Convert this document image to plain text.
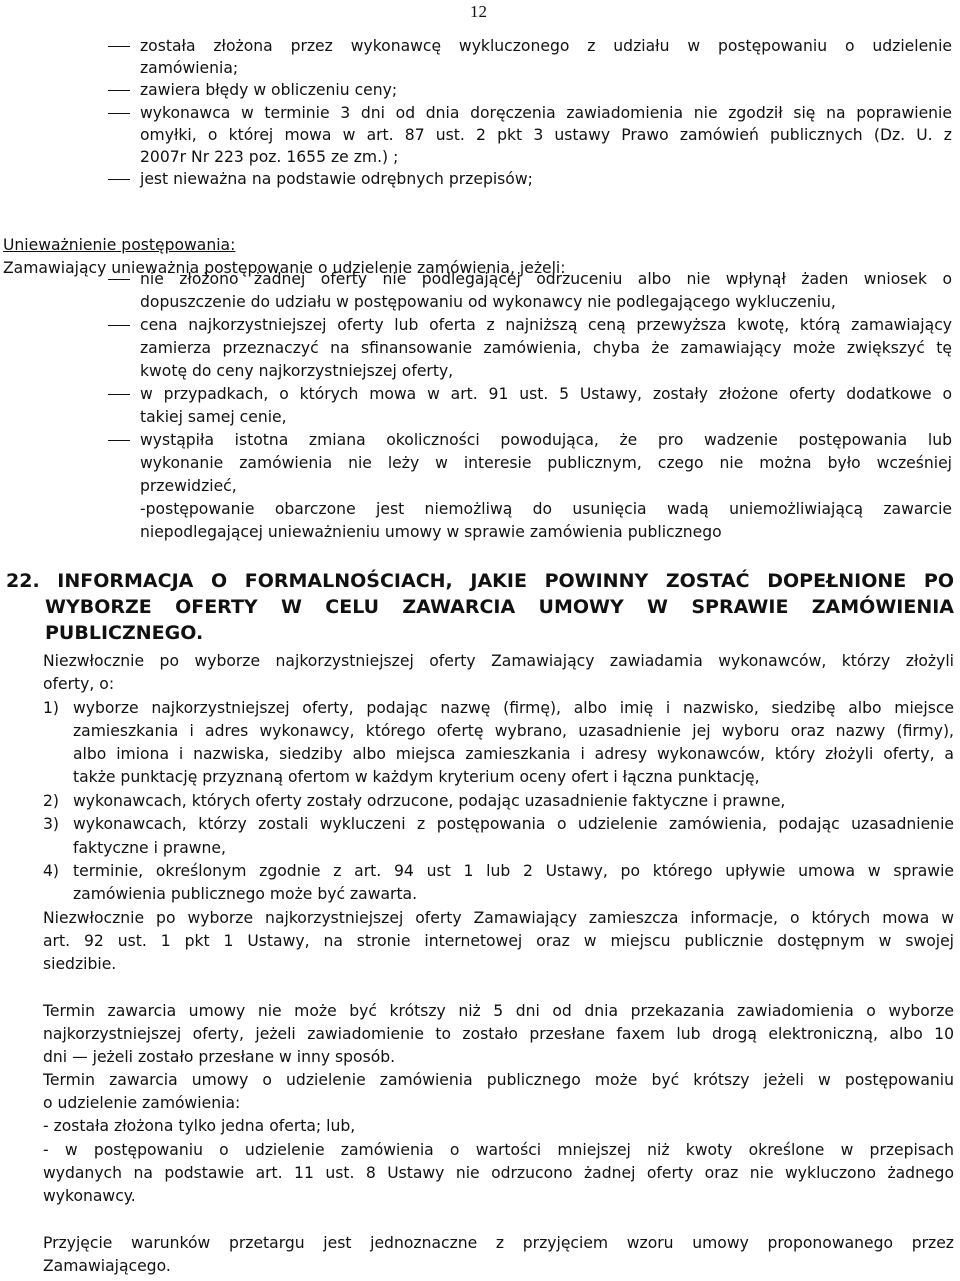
12
została złożona przez wykonawcę wykluczonego z udziału w postępowaniu o udzielenie
zamówienia;
zawiera błędy w obliczeniu ceny;
wykonawca w terminie 3 dni od dnia doręczenia zawiadomienia nie zgodził się na poprawienie
omyłki, o której mowa w art. 87 ust. 2 pkt 3 ustawy Prawo zamówień publicznych (Dz. U. z
2007r Nr 223 poz. 1655 ze zm.) ;
jest nieważna na podstawie odrębnych przepisów;
Unieważnienie postępowania:
Zamawiający unieważnia postępowanie o udzielenie zamówienia, jeżeli:
nie złożono żadnej oferty nie podlegającej odrzuceniu albo nie wpłynął żaden wniosek o
dopuszczenie do udziału w postępowaniu od wykonawcy nie podlegającego wykluczeniu,
cena najkorzystniejszej oferty lub oferta z najniższą ceną przewyższa kwotę, którą zamawiający
zamierza przeznaczyć na sfinansowanie zamówienia, chyba że zamawiający może zwiększyć tę
kwotę do ceny najkorzystniejszej oferty,
w przypadkach, o których mowa w art. 91 ust. 5 Ustawy, zostały złożone oferty dodatkowe o
takiej samej cenie,
wystąpiła istotna zmiana okoliczności powodująca, że pro wadzenie postępowania lub
wykonanie zamówienia nie leży w interesie publicznym, czego nie można było wcześniej
przewidzieć,
-postępowanie obarczone jest niemożliwą do usunięcia wadą uniemożliwiającą zawarcie
niepodlegającej unieważnieniu umowy w sprawie zamówienia publicznego
22. INFORMACJA O FORMALNOŚCIACH, JAKIE POWINNY ZOSTAĆ DOPEŁNIONE PO
WYBORZE OFERTY W CELU ZAWARCIA UMOWY W SPRAWIE ZAMÓWIENIA
PUBLICZNEGO.
Niezwłocznie po wyborze najkorzystniejszej oferty Zamawiający zawiadamia wykonawców, którzy złożyli
oferty, o:
1) wyborze najkorzystniejszej oferty, podając nazwę (firmę), albo imię i nazwisko, siedzibę albo miejsce
zamieszkania i adres wykonawcy, którego ofertę wybrano, uzasadnienie jej wyboru oraz nazwy (firmy),
albo imiona i nazwiska, siedziby albo miejsca zamieszkania i adresy wykonawców, który złożyli oferty, a
także punktację przyznaną ofertom w każdym kryterium oceny ofert i łączna punktację,
2) wykonawcach, których oferty zostały odrzucone, podając uzasadnienie faktyczne i prawne,
3) wykonawcach, którzy zostali wykluczeni z postępowania o udzielenie zamówienia, podając uzasadnienie
faktyczne i prawne,
4) terminie, określonym zgodnie z art. 94 ust 1 lub 2 Ustawy, po którego upływie umowa w sprawie
zamówienia publicznego może być zawarta.
Niezwłocznie po wyborze najkorzystniejszej oferty Zamawiający zamieszcza informacje, o których mowa w
art. 92 ust. 1 pkt 1 Ustawy, na stronie internetowej oraz w miejscu publicznie dostępnym w swojej
siedzibie.
Termin zawarcia umowy nie może być krótszy niż 5 dni od dnia przekazania zawiadomienia o wyborze
najkorzystniejszej oferty, jeżeli zawiadomienie to zostało przesłane faxem lub drogą elektroniczną, albo 10
dni — jeżeli zostało przesłane w inny sposób.
Termin zawarcia umowy o udzielenie zamówienia publicznego może być krótszy jeżeli w postępowaniu
o udzielenie zamówienia:
- została złożona tylko jedna oferta; lub,
- w postępowaniu o udzielenie zamówienia o wartości mniejszej niż kwoty określone w przepisach
wydanych na podstawie art. 11 ust. 8 Ustawy nie odrzucono żadnej oferty oraz nie wykluczono żadnego
wykonawcy.
Przyjęcie warunków przetargu jest jednoznaczne z przyjęciem wzoru umowy proponowanego przez
Zamawiającego.
